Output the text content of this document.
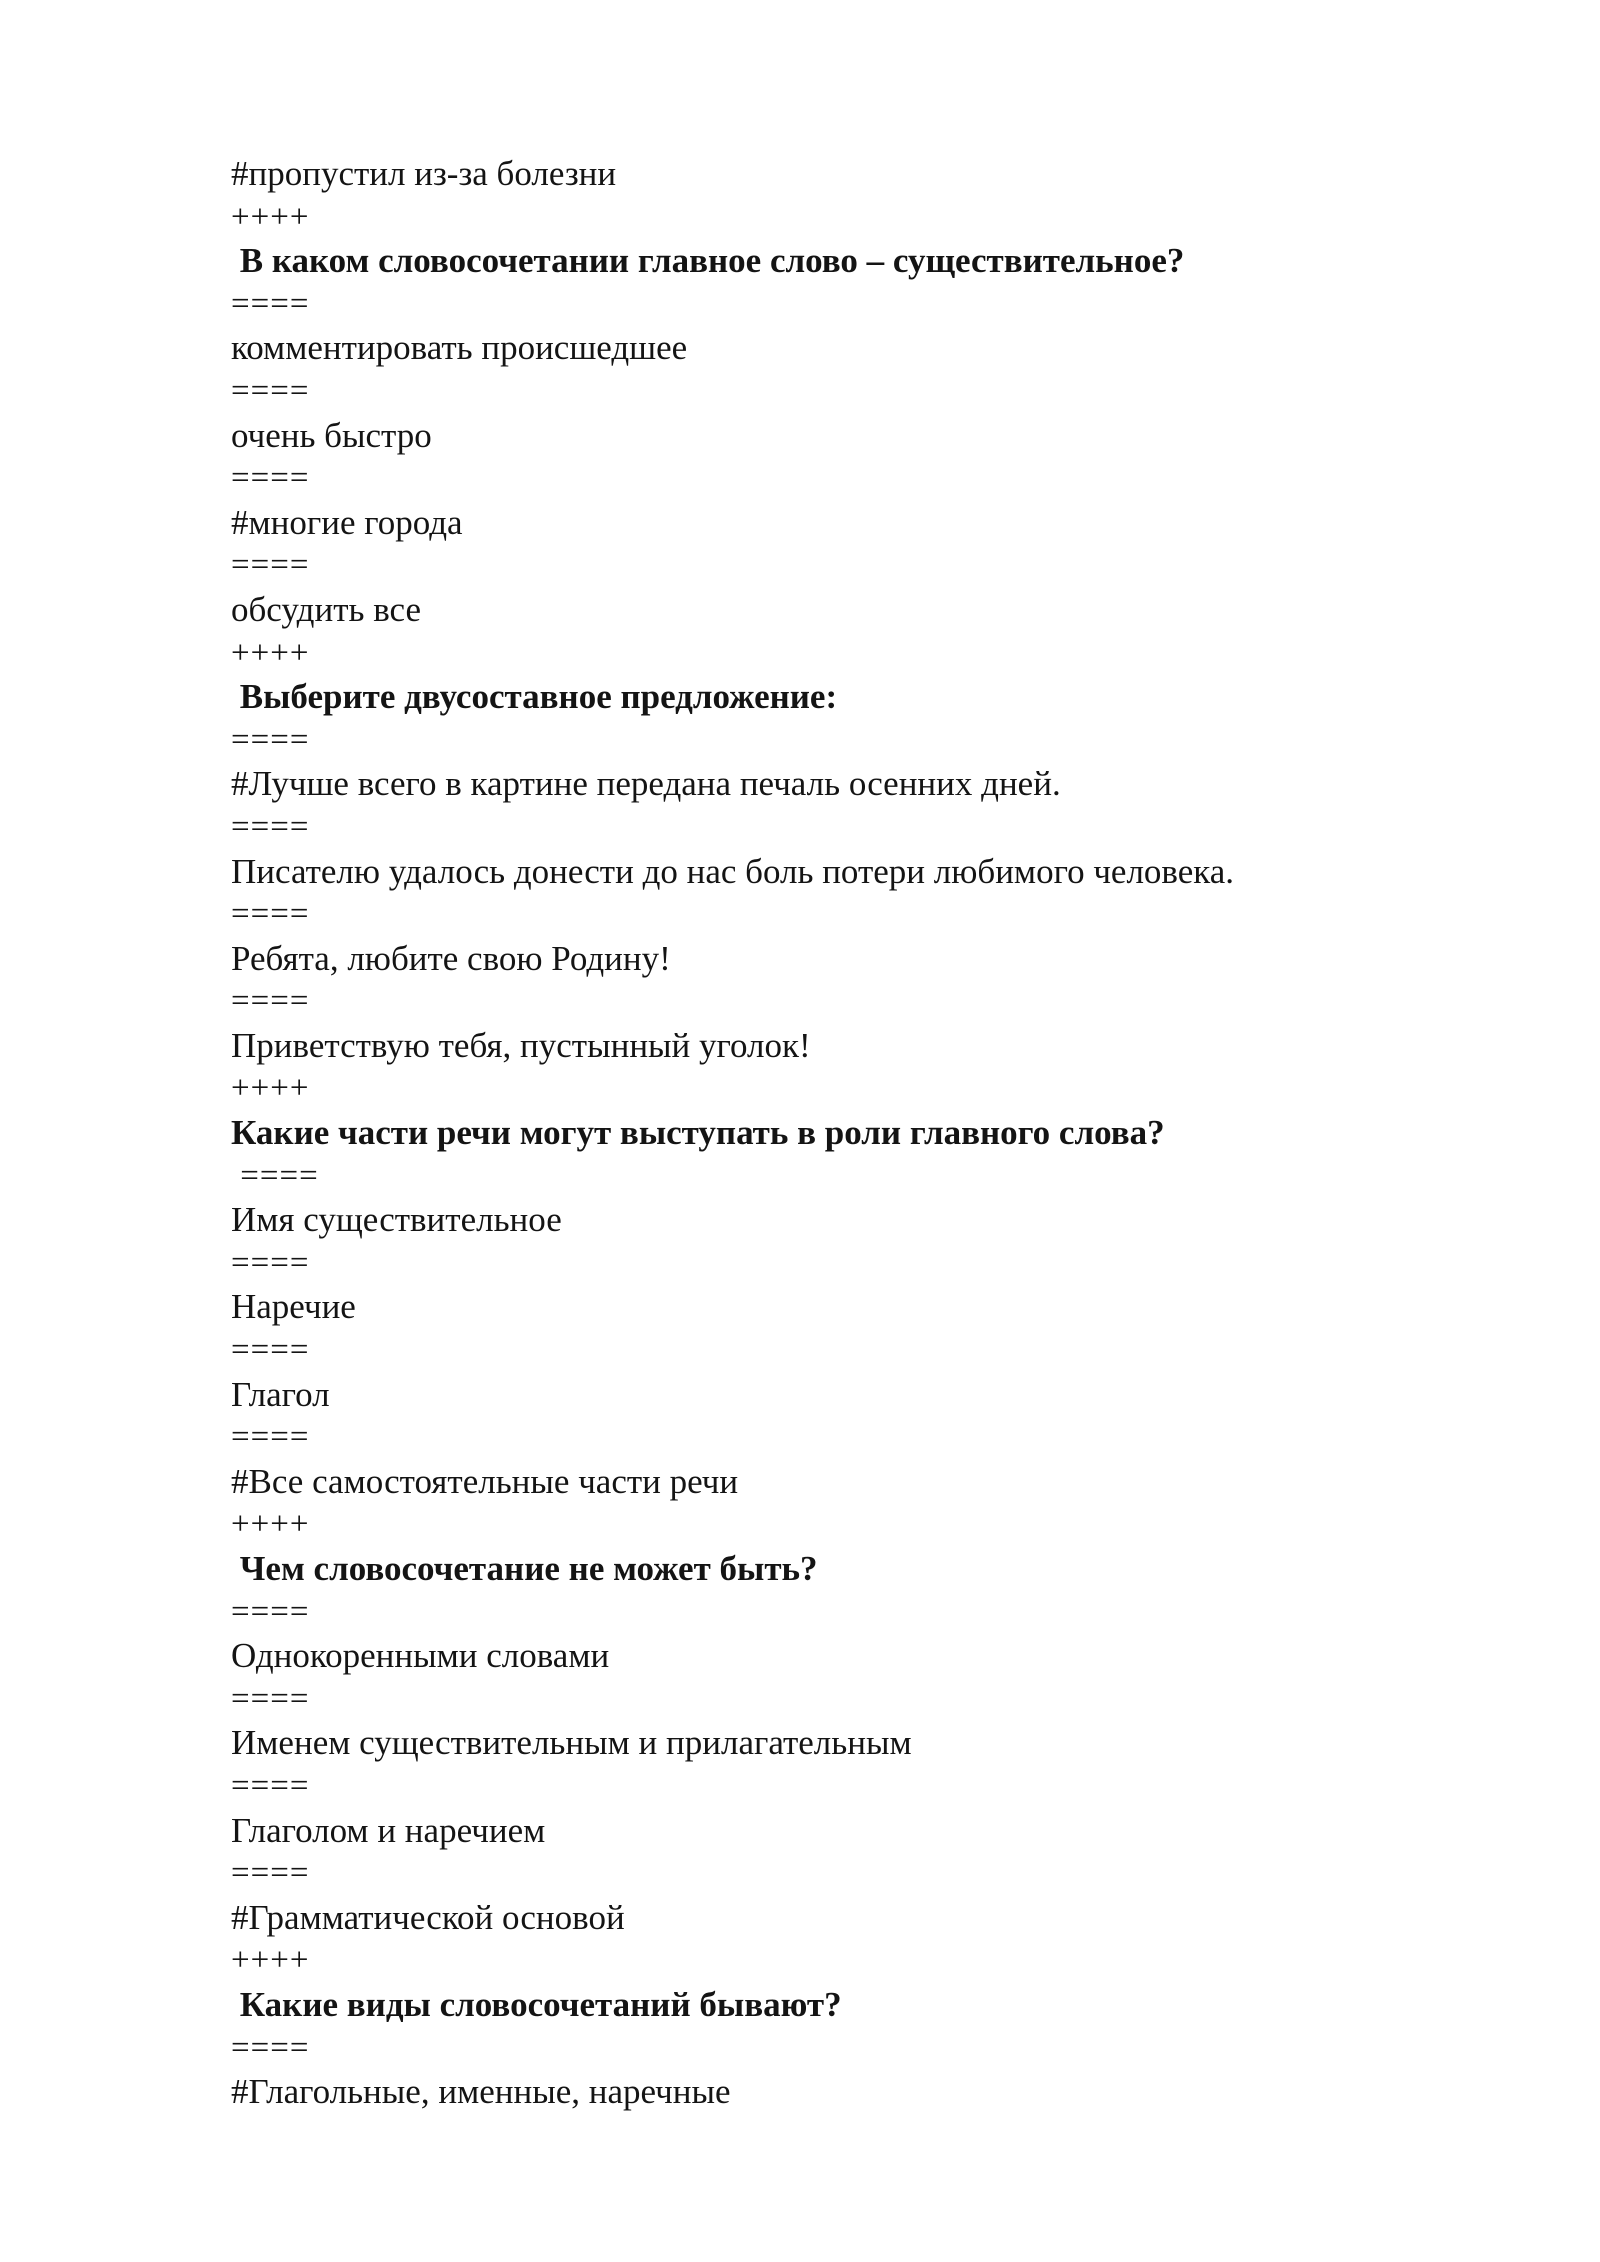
#пропустил из-за болезни
++++
В каком словосочетании главное слово – существительное?
====
комментировать происшедшее
====
очень быстро
====
#многие города
====
обсудить все
++++
Выберите двусоставное предложение:
====
#Лучше всего в картине передана печаль осенних дней.
====
Писателю удалось донести до нас боль потери любимого человека.
====
Ребята, любите свою Родину!
====
Приветствую тебя, пустынный уголок!
++++
Какие части речи могут выступать в роли главного слова?
====
Имя существительное
====
Наречие
====
Глагол
====
#Все самостоятельные части речи
++++
Чем словосочетание не может быть?
====
Однокоренными словами
====
Именем существительным и прилагательным
====
Глаголом и наречием
====
#Грамматической основой
++++
Какие виды словосочетаний бывают?
====
#Глагольные, именные, наречные
